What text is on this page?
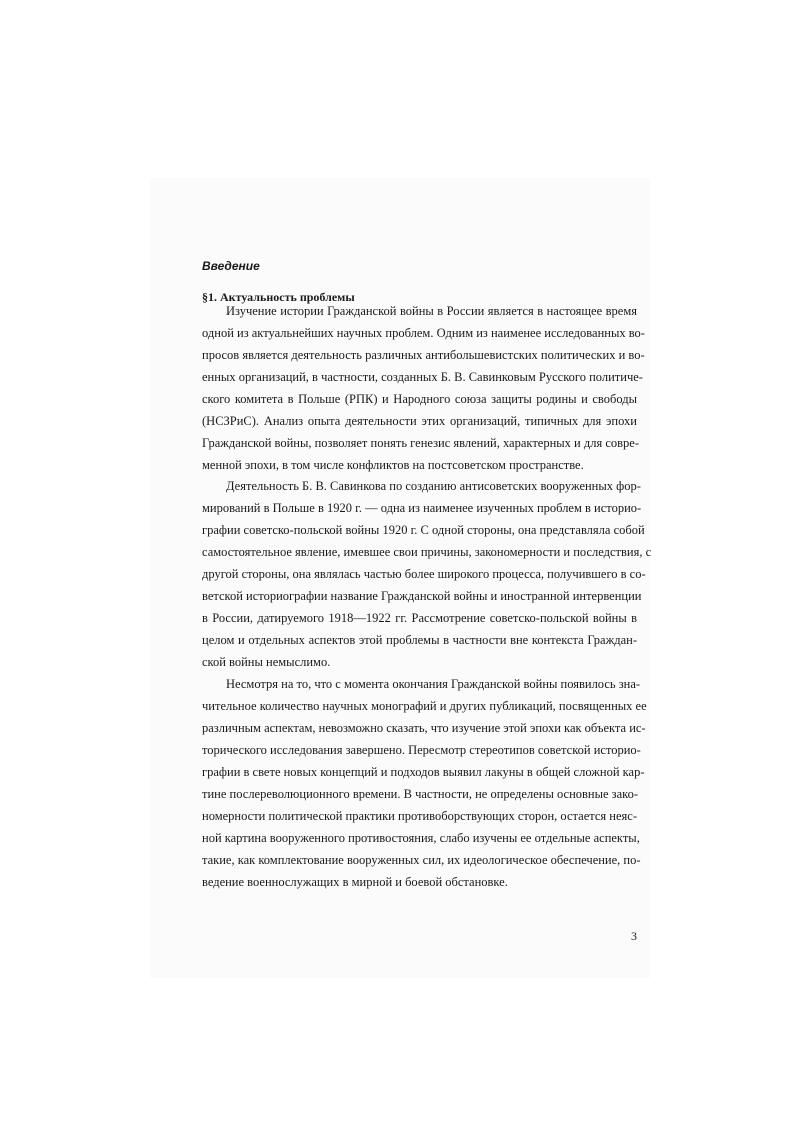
Введение
§1. Актуальность проблемы
Изучение истории Гражданской войны в России является в настоящее время
одной из актуальнейших научных проблем. Одним из наименее исследованных во-
просов является деятельность различных антибольшевистских политических и во-
енных организаций, в частности, созданных Б. В. Савинковым Русского политиче-
ского комитета в Польше (РПК) и Народного союза защиты родины и свободы
(НСЗРиС). Анализ опыта деятельности этих организаций, типичных для эпохи
Гражданской войны, позволяет понять генезис явлений, характерных и для совре-
менной эпохи, в том числе конфликтов на постсоветском пространстве.
Деятельность Б. В. Савинкова по созданию антисоветских вооруженных фор-
мирований в Польше в 1920 г. — одна из наименее изученных проблем в историо-
графии советско-польской войны 1920 г. С одной стороны, она представляла собой
самостоятельное явление, имевшее свои причины, закономерности и последствия, с
другой стороны, она являлась частью более широкого процесса, получившего в со-
ветской историографии название Гражданской войны и иностранной интервенции
в России, датируемого 1918—1922 гг. Рассмотрение советско-польской войны в
целом и отдельных аспектов этой проблемы в частности вне контекста Граждан-
ской войны немыслимо.
Несмотря на то, что с момента окончания Гражданской войны появилось зна-
чительное количество научных монографий и других публикаций, посвященных ее
различным аспектам, невозможно сказать, что изучение этой эпохи как объекта ис-
торического исследования завершено. Пересмотр стереотипов советской историо-
графии в свете новых концепций и подходов выявил лакуны в общей сложной кар-
тине послереволюционного времени. В частности, не определены основные зако-
номерности политической практики противоборствующих сторон, остается неяс-
ной картина вооруженного противостояния, слабо изучены ее отдельные аспекты,
такие, как комплектование вооруженных сил, их идеологическое обеспечение, по-
ведение военнослужащих в мирной и боевой обстановке.
3
